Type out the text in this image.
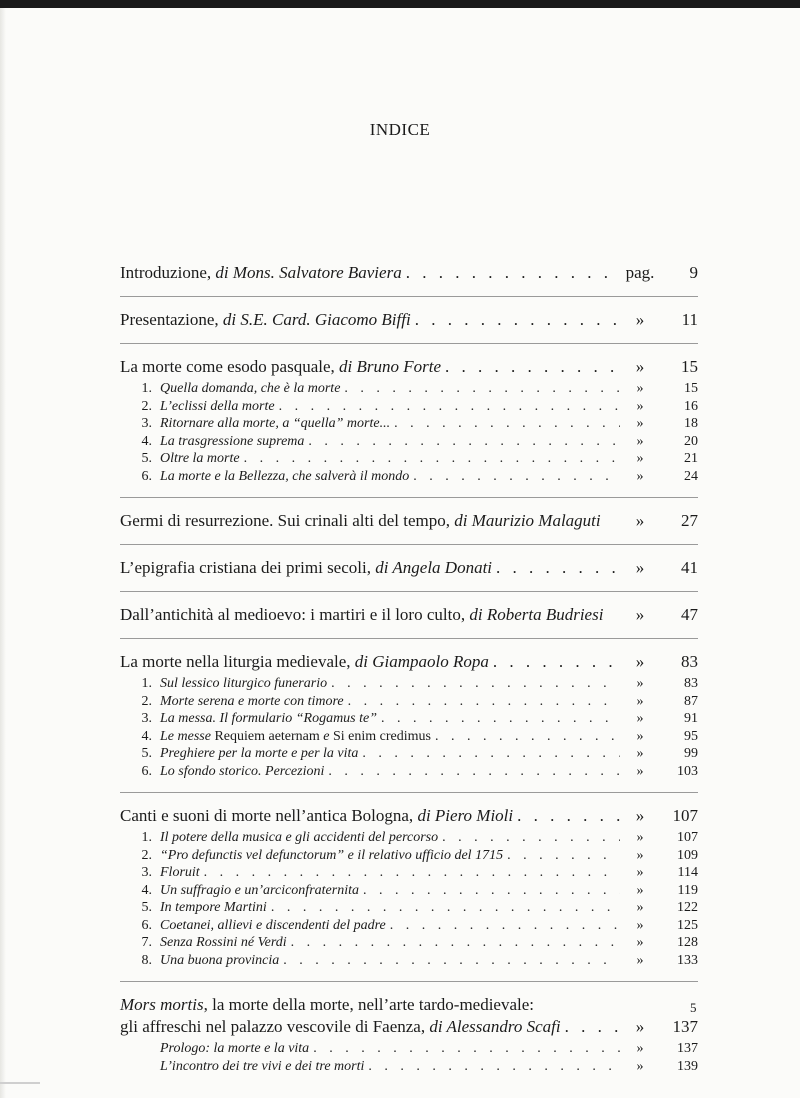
INDICE
Introduzione, di Mons. Salvatore Baviera . . .	pag.	9
Presentazione, di S.E. Card. Giacomo Biffi . . .	»	11
La morte come esodo pasquale, di Bruno Forte . . .	»	15
1. Quella domanda, che è la morte . . .	»	15
2. L’eclissi della morte . . .	»	16
3. Ritornare alla morte, a “quella” morte... . . .	»	18
4. La trasgressione suprema . . .	»	20
5. Oltre la morte . . .	»	21
6. La morte e la Bellezza, che salverà il mondo . . .	»	24
Germi di resurrezione. Sui crinali alti del tempo, di Maurizio Malaguti	»	27
L’epigrafia cristiana dei primi secoli, di Angela Donati . . .	»	41
Dall’antichità al medioevo: i martiri e il loro culto, di Roberta Budriesi	»	47
La morte nella liturgia medievale, di Giampaolo Ropa . . .	»	83
1. Sul lessico liturgico funerario . . .	»	83
2. Morte serena e morte con timore . . .	»	87
3. La messa. Il formulario “Rogamus te” . . .	»	91
4. Le messe Requiem aeternam e Si enim credimus . . .	»	95
5. Preghiere per la morte e per la vita . . .	»	99
6. Lo sfondo storico. Percezioni . . .	»	103
Canti e suoni di morte nell’antica Bologna, di Piero Mioli . . .	»	107
1. Il potere della musica e gli accidenti del percorso . . .	»	107
2. “Pro defunctis vel defunctorum” e il relativo ufficio del 1715 . . .	»	109
3. Floruit . . .	»	114
4. Un suffragio e un’arciconfraternita . . .	»	119
5. In tempore Martini . . .	»	122
6. Coetanei, allievi e discendenti del padre . . .	»	125
7. Senza Rossini né Verdi . . .	»	128
8. Una buona provincia . . .	»	133
Mors mortis, la morte della morte, nell’arte tardo-medievale:
gli affreschi nel palazzo vescovile di Faenza, di Alessandro Scafi . . .	»	137
Prologo: la morte e la vita . . .	»	137
L’incontro dei tre vivi e dei tre morti . . .	»	139
5
